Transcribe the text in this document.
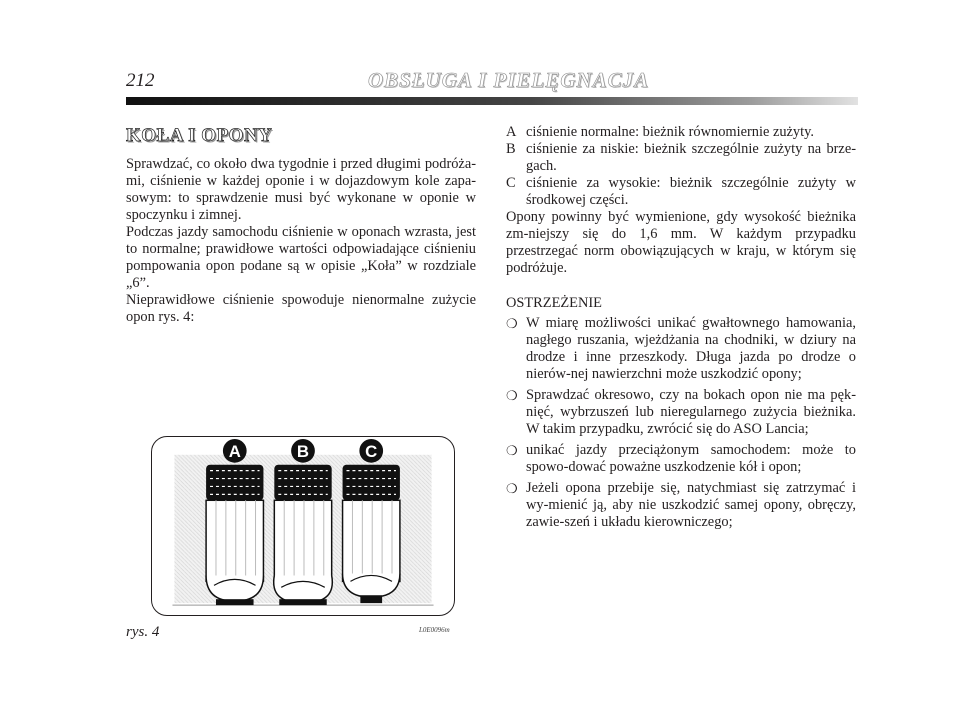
212	OBSŁUGA I PIELĘGNACJA
KOŁA I OPONY

Sprawdzać, co około dwa tygodnie i przed długimi podróża-mi, ciśnienie w każdej oponie i w dojazdowym kole zapa-sowym: to sprawdzenie musi być wykonane w oponie w spoczynku i zimnej.

Podczas jazdy samochodu ciśnienie w oponach wzrasta, jest to normalne; prawidłowe wartości odpowiadające ciśnieniu pompowania opon podane są w opisie „Koła” w rozdziale „6”.

Nieprawidłowe ciśnienie spowoduje nienormalne zużycie opon rys. 4:

A	B	C
rys. 4	L0E0096m
A ciśnienie normalne: bieżnik równomiernie zużyty.
B ciśnienie za niskie: bieżnik szczególnie zużyty na brze-gach.
C ciśnienie za wysokie: bieżnik szczególnie zużyty w środkowej części.

Opony powinny być wymienione, gdy wysokość bieżnika zm-niejszy się do 1,6 mm. W każdym przypadku przestrzegać norm obowiązujących w kraju, w którym się podróżuje.

OSTRZEŻENIE
❍ W miarę możliwości unikać gwałtownego hamowania, nagłego ruszania, wjeżdżania na chodniki, w dziury na drodze i inne przeszkody. Długa jazda po drodze o nierów-nej nawierzchni może uszkodzić opony;
❍ Sprawdzać okresowo, czy na bokach opon nie ma pęk-nięć, wybrzuszeń lub nieregularnego zużycia bieżnika. W takim przypadku, zwrócić się do ASO Lancia;
❍ unikać jazdy przeciążonym samochodem: może to spowo-dować poważne uszkodzenie kół i opon;
❍ Jeżeli opona przebije się, natychmiast się zatrzymać i wy-mienić ją, aby nie uszkodzić samej opony, obręczy, zawie-szeń i układu kierowniczego;
